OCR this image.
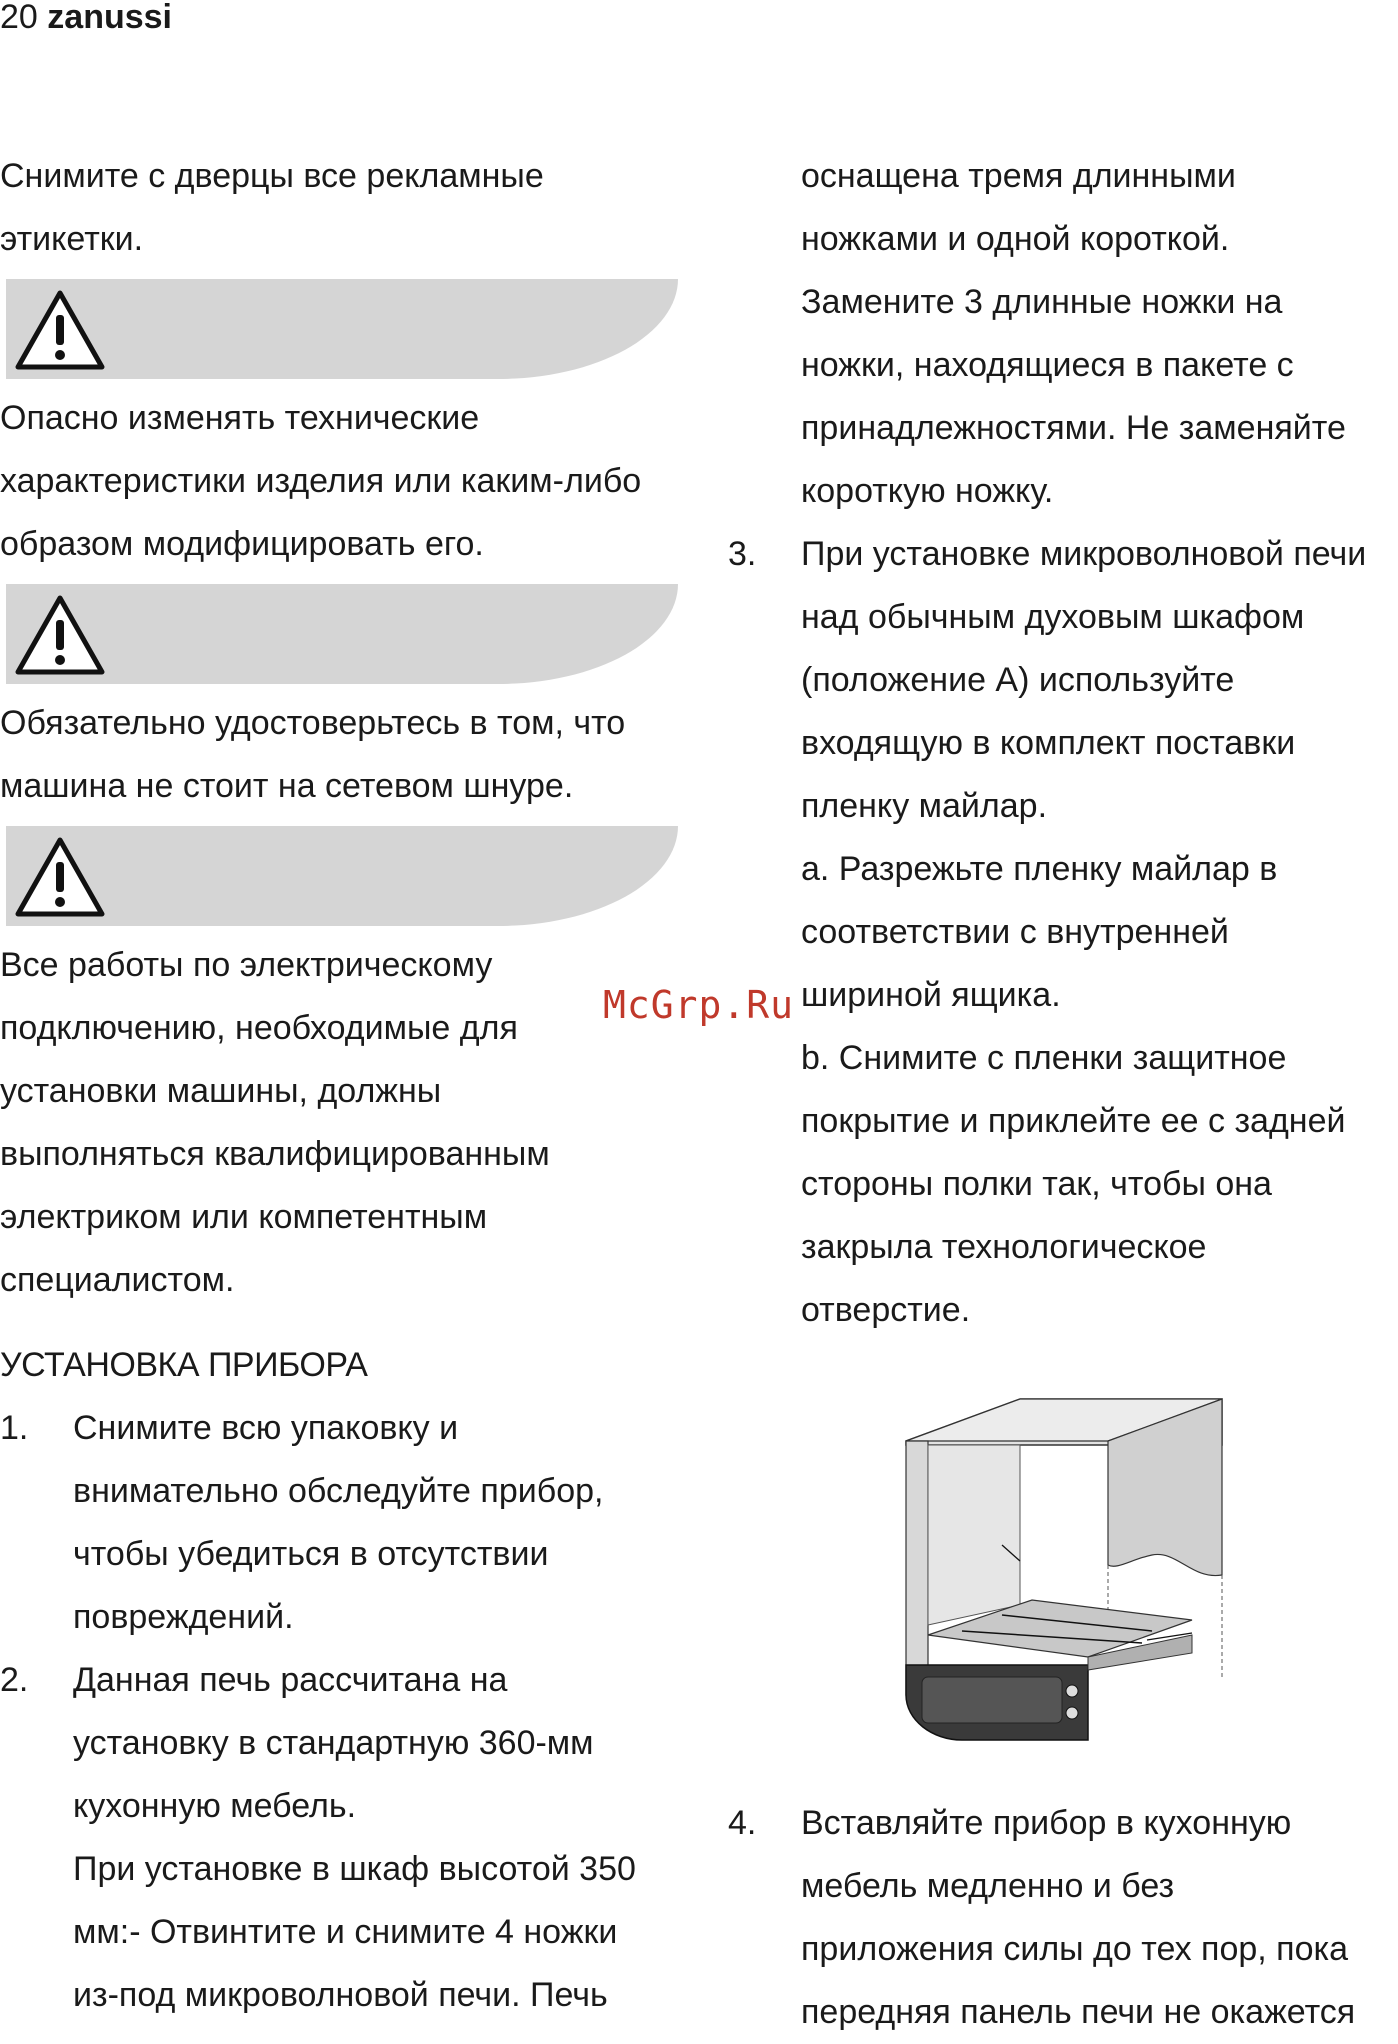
20 zanussi

Снимите с дверцы все рекламные
этикетки.

Опасно изменять технические
характеристики изделия или каким-либо
образом модифицировать его.

Обязательно удостоверьтесь в том, что
машина не стоит на сетевом шнуре.

Все работы по электрическому
подключению, необходимые для
установки машины, должны
выполняться квалифицированным
электриком или компетентным
специалистом.

УСТАНОВКА ПРИБОРА
1.	Снимите всю упаковку и
внимательно обследуйте прибор,
чтобы убедиться в отсутствии
повреждений.

2.	Данная печь рассчитана на
установку в стандартную 360-мм
кухонную мебель.
При установке в шкаф высотой 350
мм:- Отвинтите и снимите 4 ножки
из-под микроволновой печи. Печь

оснащена тремя длинными
ножками и одной короткой.
Замените 3 длинные ножки на
ножки, находящиеся в пакете с
принадлежностями. Не заменяйте
короткую ножку.

3.	При установке микроволновой печи
над обычным духовым шкафом
(положение А) используйте
входящую в комплект поставки
пленку майлар.
a. Разрежьте пленку майлар в
соответствии с внутренней
шириной ящика.
b. Снимите с пленки защитное
покрытие и приклейте ее с задней
стороны полки так, чтобы она
закрыла технологическое
отверстие.

4.	Вставляйте прибор в кухонную
мебель медленно и без
приложения силы до тех пор, пока
передняя панель печи не окажется

McGrp.Ru
